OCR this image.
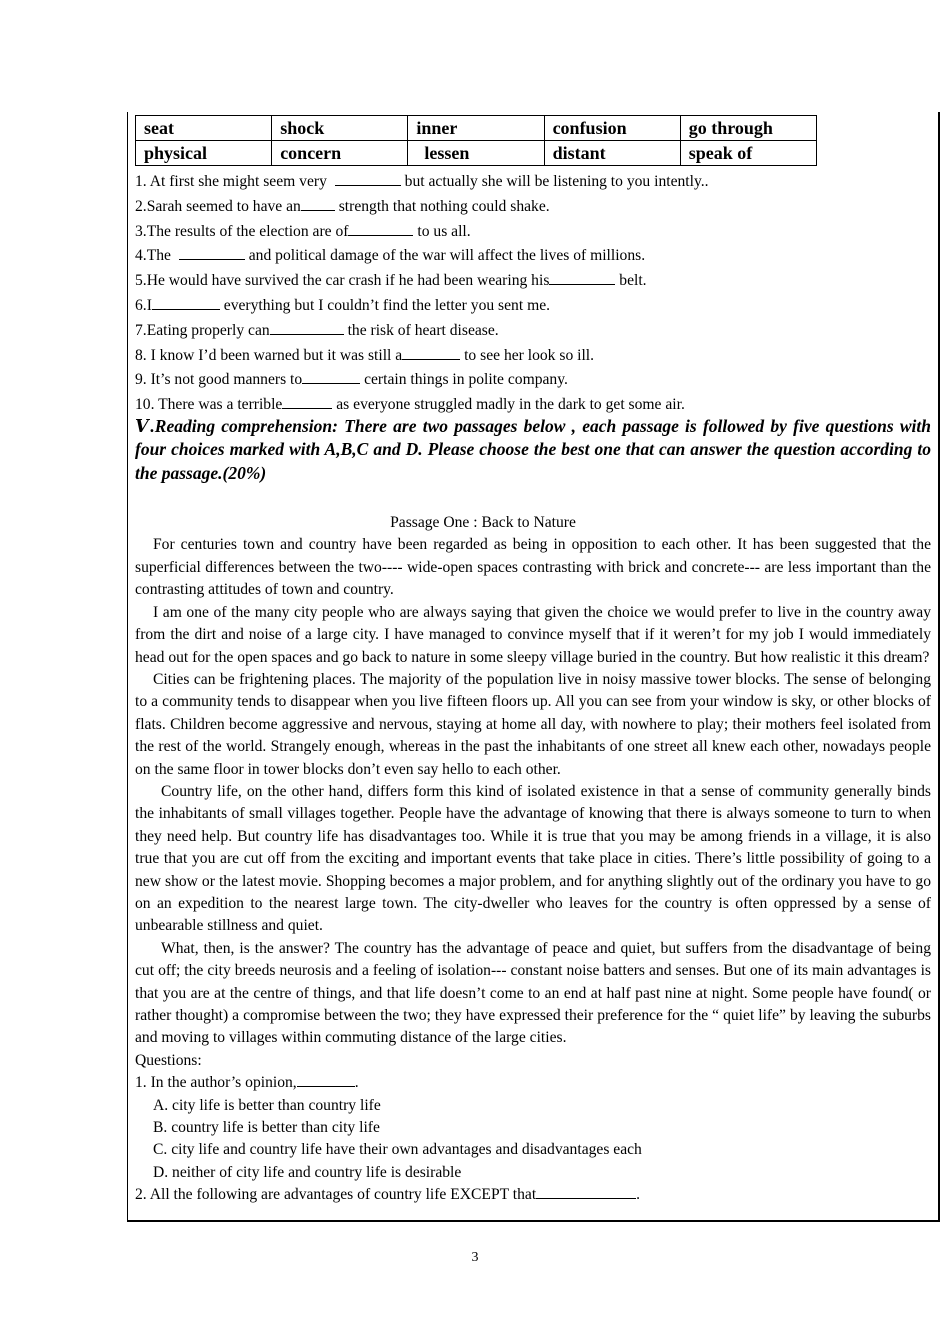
seat	shock	inner	confusion	go through
physical	concern	lessen	distant	speak of
1. At first she might seem very	but actually she will be listening to you intently..
2.Sarah seemed to have an strength that nothing could shake.
3.The results of the election are of	to us all.
4.The	and political damage of the war will affect the lives of millions.
5.He would have survived the car crash if he had been wearing his	belt.
6.I	everything but I couldn’t find the letter you sent me.
7.Eating properly can	the risk of heart disease.
8. I know I’d been warned but it was still a	to see her look so ill.
9. It’s not good manners to	certain things in polite company.
10. There was a terrible	as everyone struggled madly in the dark to get some air.
Ⅴ.Reading comprehension: There are two passages below , each passage is followed by five questions with four choices marked with A,B,C and D. Please choose the best one that can answer the question according to the passage.(20%)
Passage One : Back to Nature
For centuries town and country have been regarded as being in opposition to each other. It has been suggested that the superficial differences between the two---- wide-open spaces contrasting with brick and concrete--- are less important than the contrasting attitudes of town and country.
I am one of the many city people who are always saying that given the choice we would prefer to live in the country away from the dirt and noise of a large city. I have managed to convince myself that if it weren’t for my job I would immediately head out for the open spaces and go back to nature in some sleepy village buried in the country. But how realistic it this dream?
Cities can be frightening places. The majority of the population live in noisy massive tower blocks. The sense of belonging to a community tends to disappear when you live fifteen floors up. All you can see from your window is sky, or other blocks of flats. Children become aggressive and nervous, staying at home all day, with nowhere to play; their mothers feel isolated from the rest of the world. Strangely enough, whereas in the past the inhabitants of one street all knew each other, nowadays people on the same floor in tower blocks don’t even say hello to each other.
Country life, on the other hand, differs form this kind of isolated existence in that a sense of community generally binds the inhabitants of small villages together. People have the advantage of knowing that there is always someone to turn to when they need help. But country life has disadvantages too. While it is true that you may be among friends in a village, it is also true that you are cut off from the exciting and important events that take place in cities. There’s little possibility of going to a new show or the latest movie. Shopping becomes a major problem, and for anything slightly out of the ordinary you have to go on an expedition to the nearest large town. The city-dweller who leaves for the country is often oppressed by a sense of unbearable stillness and quiet.
What, then, is the answer? The country has the advantage of peace and quiet, but suffers from the disadvantage of being cut off; the city breeds neurosis and a feeling of isolation--- constant noise batters and senses. But one of its main advantages is that you are at the centre of things, and that life doesn’t come to an end at half past nine at night. Some people have found( or rather thought) a compromise between the two; they have expressed their preference for the “ quiet life” by leaving the suburbs and moving to villages within commuting distance of the large cities.
Questions:
1. In the author’s opinion,	.
A. city life is better than country life
B. country life is better than city life
C. city life and country life have their own advantages and disadvantages each
D. neither of city life and country life is desirable
2. All the following are advantages of country life EXCEPT that	.
3
